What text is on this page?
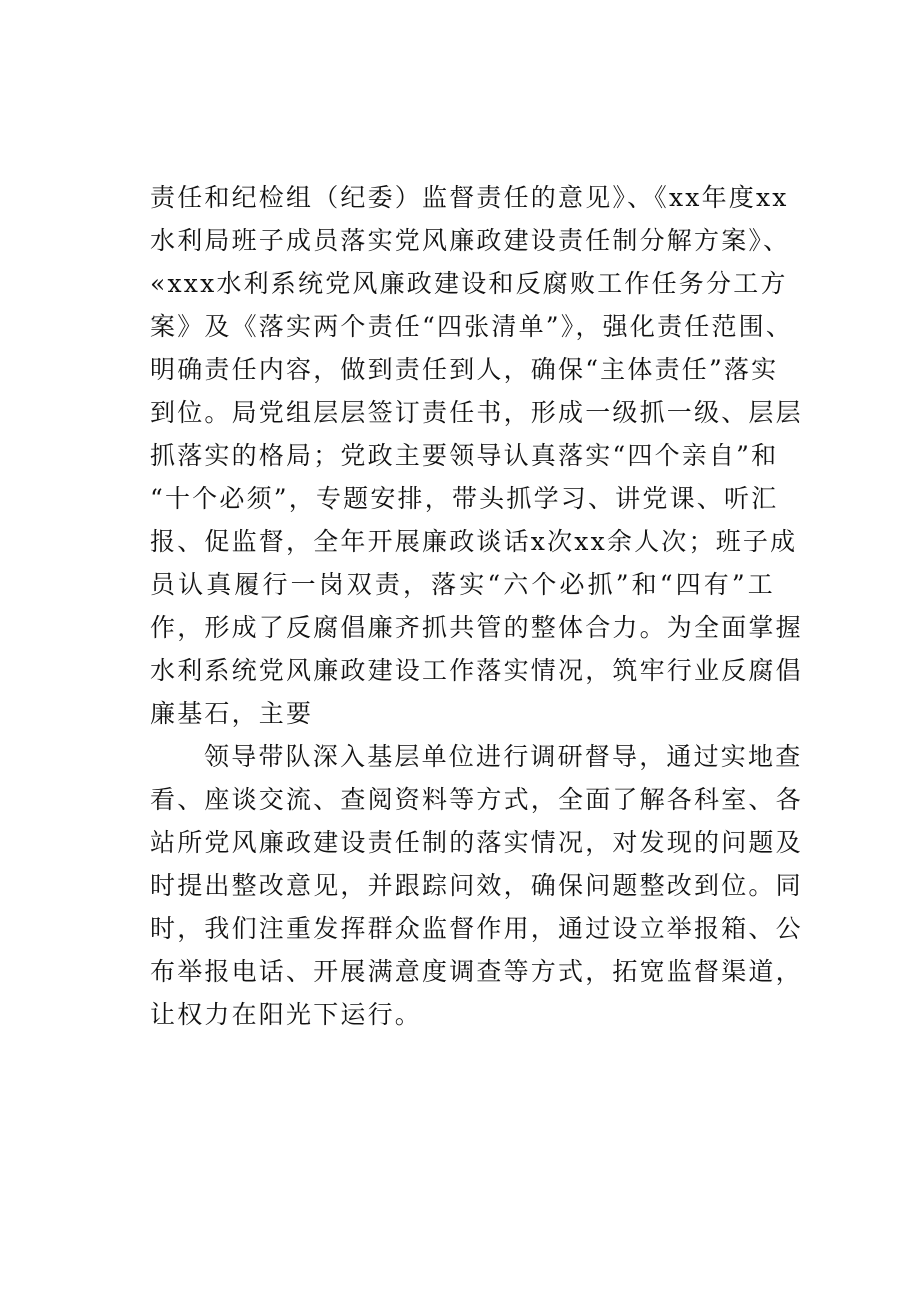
责任和纪检组（纪委）监督责任的意见》、《xx年度xx
水利局班子成员落实党风廉政建设责任制分解方案》、
«xxx水利系统党风廉政建设和反腐败工作任务分工方
案》及《落实两个责任“四张清单”》，强化责任范围、
明确责任内容，做到责任到人，确保“主体责任”落实
到位。局党组层层签订责任书，形成一级抓一级、层层
抓落实的格局；党政主要领导认真落实“四个亲自”和
“十个必须”，专题安排，带头抓学习、讲党课、听汇
报、促监督，全年开展廉政谈话x次xx余人次；班子成
员认真履行一岗双责，落实“六个必抓”和“四有”工
作，形成了反腐倡廉齐抓共管的整体合力。为全面掌握
水利系统党风廉政建设工作落实情况，筑牢行业反腐倡
廉基石，主要

领导带队深入基层单位进行调研督导，通过实地查
看、座谈交流、查阅资料等方式，全面了解各科室、各
站所党风廉政建设责任制的落实情况，对发现的问题及
时提出整改意见，并跟踪问效，确保问题整改到位。同
时，我们注重发挥群众监督作用，通过设立举报箱、公
布举报电话、开展满意度调查等方式，拓宽监督渠道，
让权力在阳光下运行。
